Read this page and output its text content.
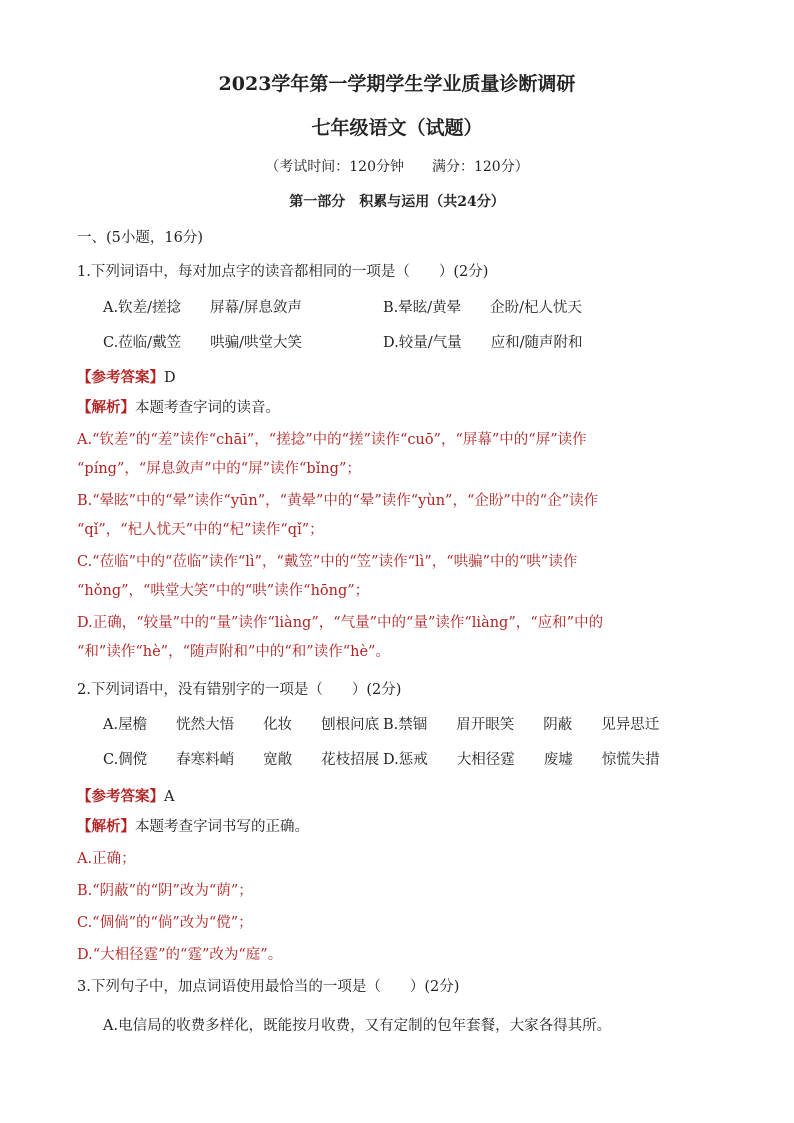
2023学年第一学期学生学业质量诊断调研
七年级语文（试题）
（考试时间：120分钟　　满分：120分）
第一部分　积累与运用（共24分）
一、(5小题，16分)
1.下列词语中，每对加点字的读音都相同的一项是（　　）(2分)
A.钦差/搓捻　　屏幕/屏息敛声	B.晕眩/黄晕　　企盼/杞人忧天
C.莅临/戴笠　　哄骗/哄堂大笑	D.较量/气量　　应和/随声附和
【参考答案】D
【解析】本题考查字词的读音。
A.“钦差”的“差”读作“chāi”，“搓捻”中的“搓”读作“cuō”，“屏幕”中的“屏”读作
“píng”，“屏息敛声”中的“屏”读作“bǐng”；
B.“晕眩”中的“晕”读作“yūn”，“黄晕”中的“晕”读作“yùn”，“企盼”中的“企”读作
“qǐ”，“杞人忧天”中的“杞”读作“qǐ”；
C.“莅临”中的“莅临”读作“lì”，“戴笠”中的“笠”读作“lì”，“哄骗”中的“哄”读作
“hǒng”，“哄堂大笑”中的“哄”读作“hōng”；
D.正确，“较量”中的“量”读作“liàng”，“气量”中的“量”读作“liàng”，“应和”中的
“和”读作“hè”，“随声附和”中的“和”读作“hè”。
2.下列词语中，没有错别字的一项是（　　）(2分)
A.屋檐　　恍然大悟　　化妆　　刨根问底 B.禁锢　　眉开眼笑　　阴蔽　　见异思迁
C.倜傥　　春寒料峭　　宽敞　　花枝招展 D.惩戒　　大相径霆　　废墟　　惊慌失措
【参考答案】A
【解析】本题考查字词书写的正确。
A.正确；
B.“阴蔽”的“阴”改为“荫”；
C.“倜倘”的“倘”改为“傥”；
D.“大相径霆”的“霆”改为“庭”。
3.下列句子中，加点词语使用最恰当的一项是（　　）(2分)
A.电信局的收费多样化，既能按月收费，又有定制的包年套餐，大家各得其所。
